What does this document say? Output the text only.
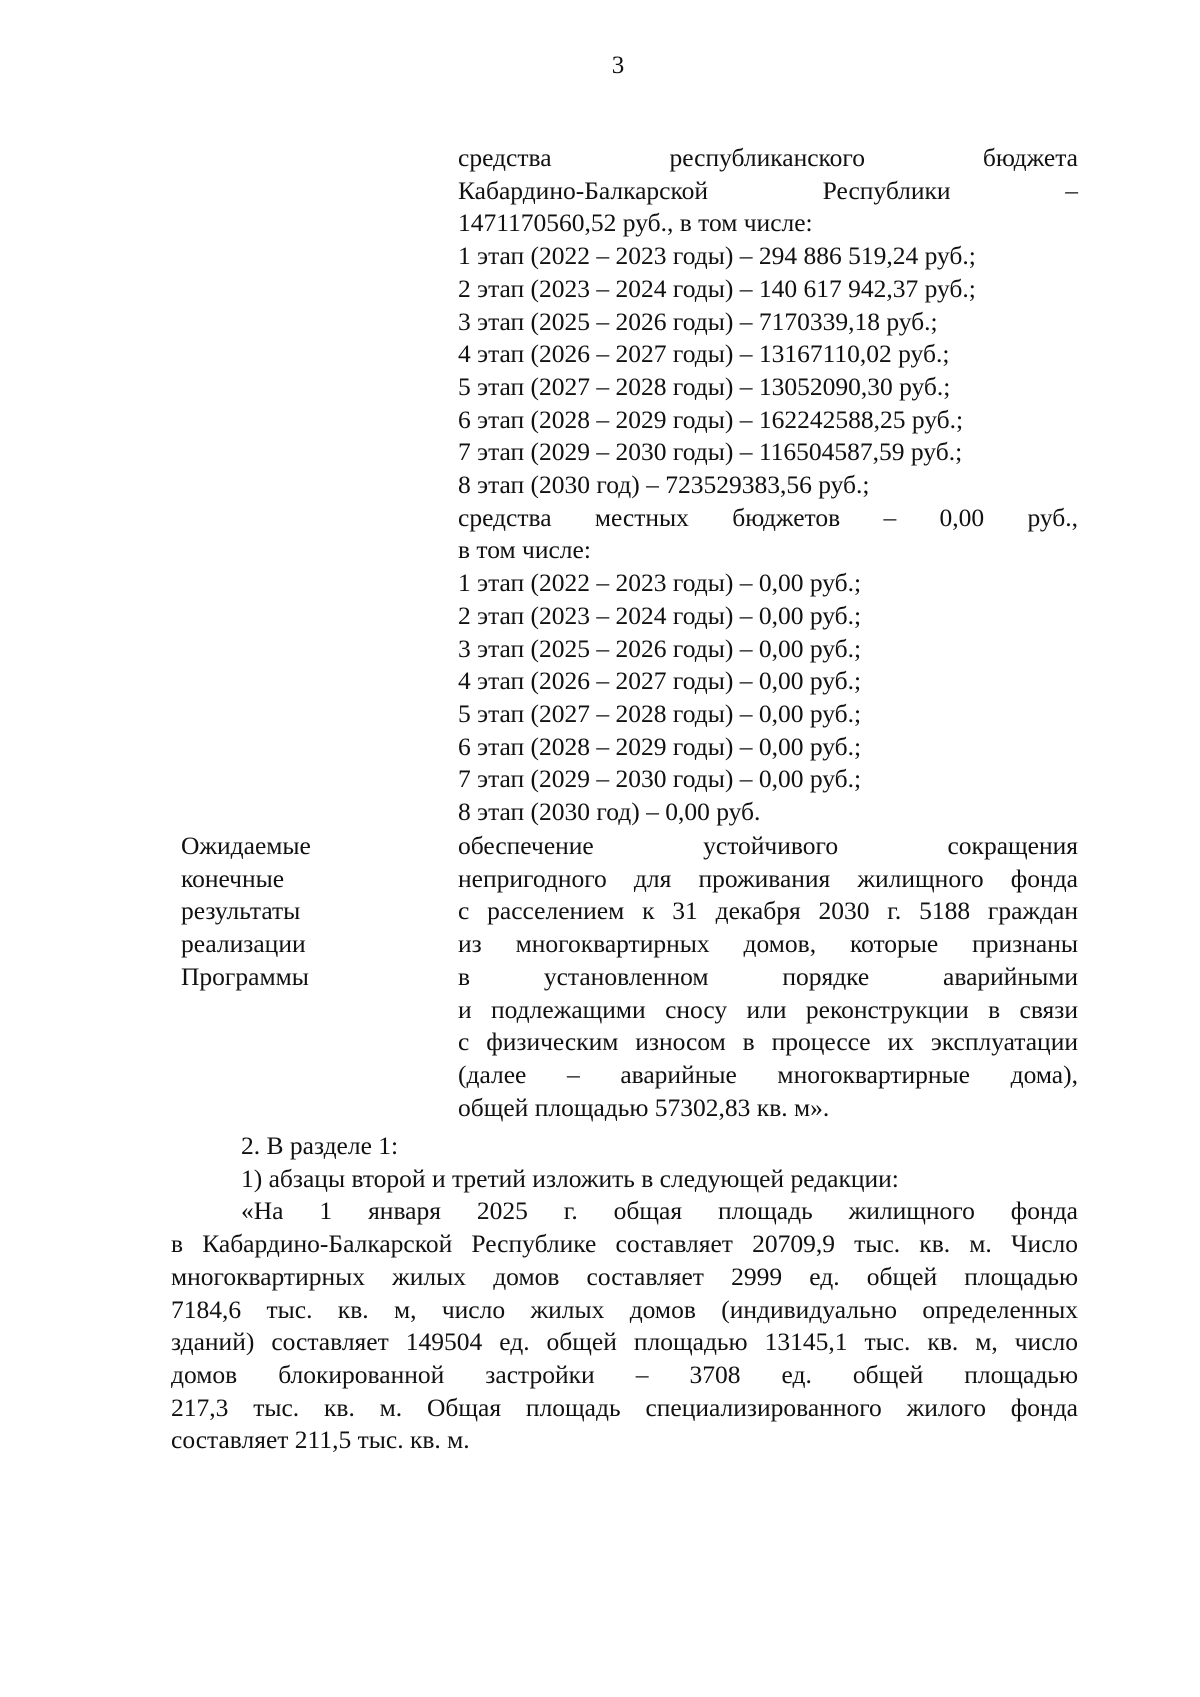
3
средства республиканского бюджета
Кабардино-Балкарской Республики –
1471170560,52 руб., в том числе:
1 этап (2022 – 2023 годы) – 294 886 519,24 руб.;
2 этап (2023 – 2024 годы) – 140 617 942,37 руб.;
3 этап (2025 – 2026 годы) – 7170339,18 руб.;
4 этап (2026 – 2027 годы) – 13167110,02 руб.;
5 этап (2027 – 2028 годы) – 13052090,30 руб.;
6 этап (2028 – 2029 годы) – 162242588,25 руб.;
7 этап (2029 – 2030 годы) – 116504587,59 руб.;
8 этап (2030 год) – 723529383,56 руб.;
средства местных бюджетов – 0,00 руб.,
в том числе:
1 этап (2022 – 2023 годы) – 0,00 руб.;
2 этап (2023 – 2024 годы) – 0,00 руб.;
3 этап (2025 – 2026 годы) – 0,00 руб.;
4 этап (2026 – 2027 годы) – 0,00 руб.;
5 этап (2027 – 2028 годы) – 0,00 руб.;
6 этап (2028 – 2029 годы) – 0,00 руб.;
7 этап (2029 – 2030 годы) – 0,00 руб.;
8 этап (2030 год) – 0,00 руб.
Ожидаемые
конечные
результаты
реализации
Программы
обеспечение устойчивого сокращения
непригодного для проживания жилищного фонда
с расселением к 31 декабря 2030 г. 5188 граждан
из многоквартирных домов, которые признаны
в установленном порядке аварийными
и подлежащими сносу или реконструкции в связи
с физическим износом в процессе их эксплуатации
(далее – аварийные многоквартирные дома),
общей площадью 57302,83 кв. м».
2. В разделе 1:
1) абзацы второй и третий изложить в следующей редакции:
«На 1 января 2025 г. общая площадь жилищного фонда
в Кабардино-Балкарской Республике составляет 20709,9 тыс. кв. м. Число
многоквартирных жилых домов составляет 2999 ед. общей площадью
7184,6 тыс. кв. м, число жилых домов (индивидуально определенных
зданий) составляет 149504 ед. общей площадью 13145,1 тыс. кв. м, число
домов блокированной застройки – 3708 ед. общей площадью
217,3 тыс. кв. м. Общая площадь специализированного жилого фонда
составляет 211,5 тыс. кв. м.
